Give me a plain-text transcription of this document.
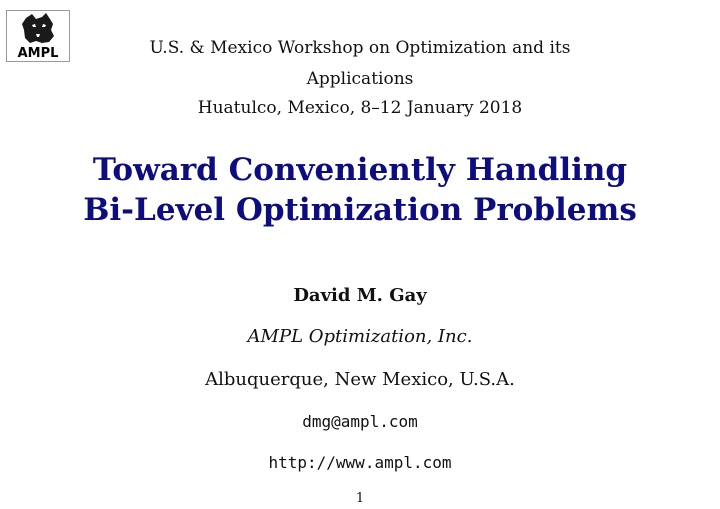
AMPL	U.S. & Mexico Workshop on Optimization and its
Applications
Huatulco, Mexico, 8–12 January 2018
Toward Conveniently Handling
Bi-Level Optimization Problems
David M. Gay
AMPL Optimization, Inc.
Albuquerque, New Mexico, U.S.A.
dmg@ampl.com
http://www.ampl.com
1
